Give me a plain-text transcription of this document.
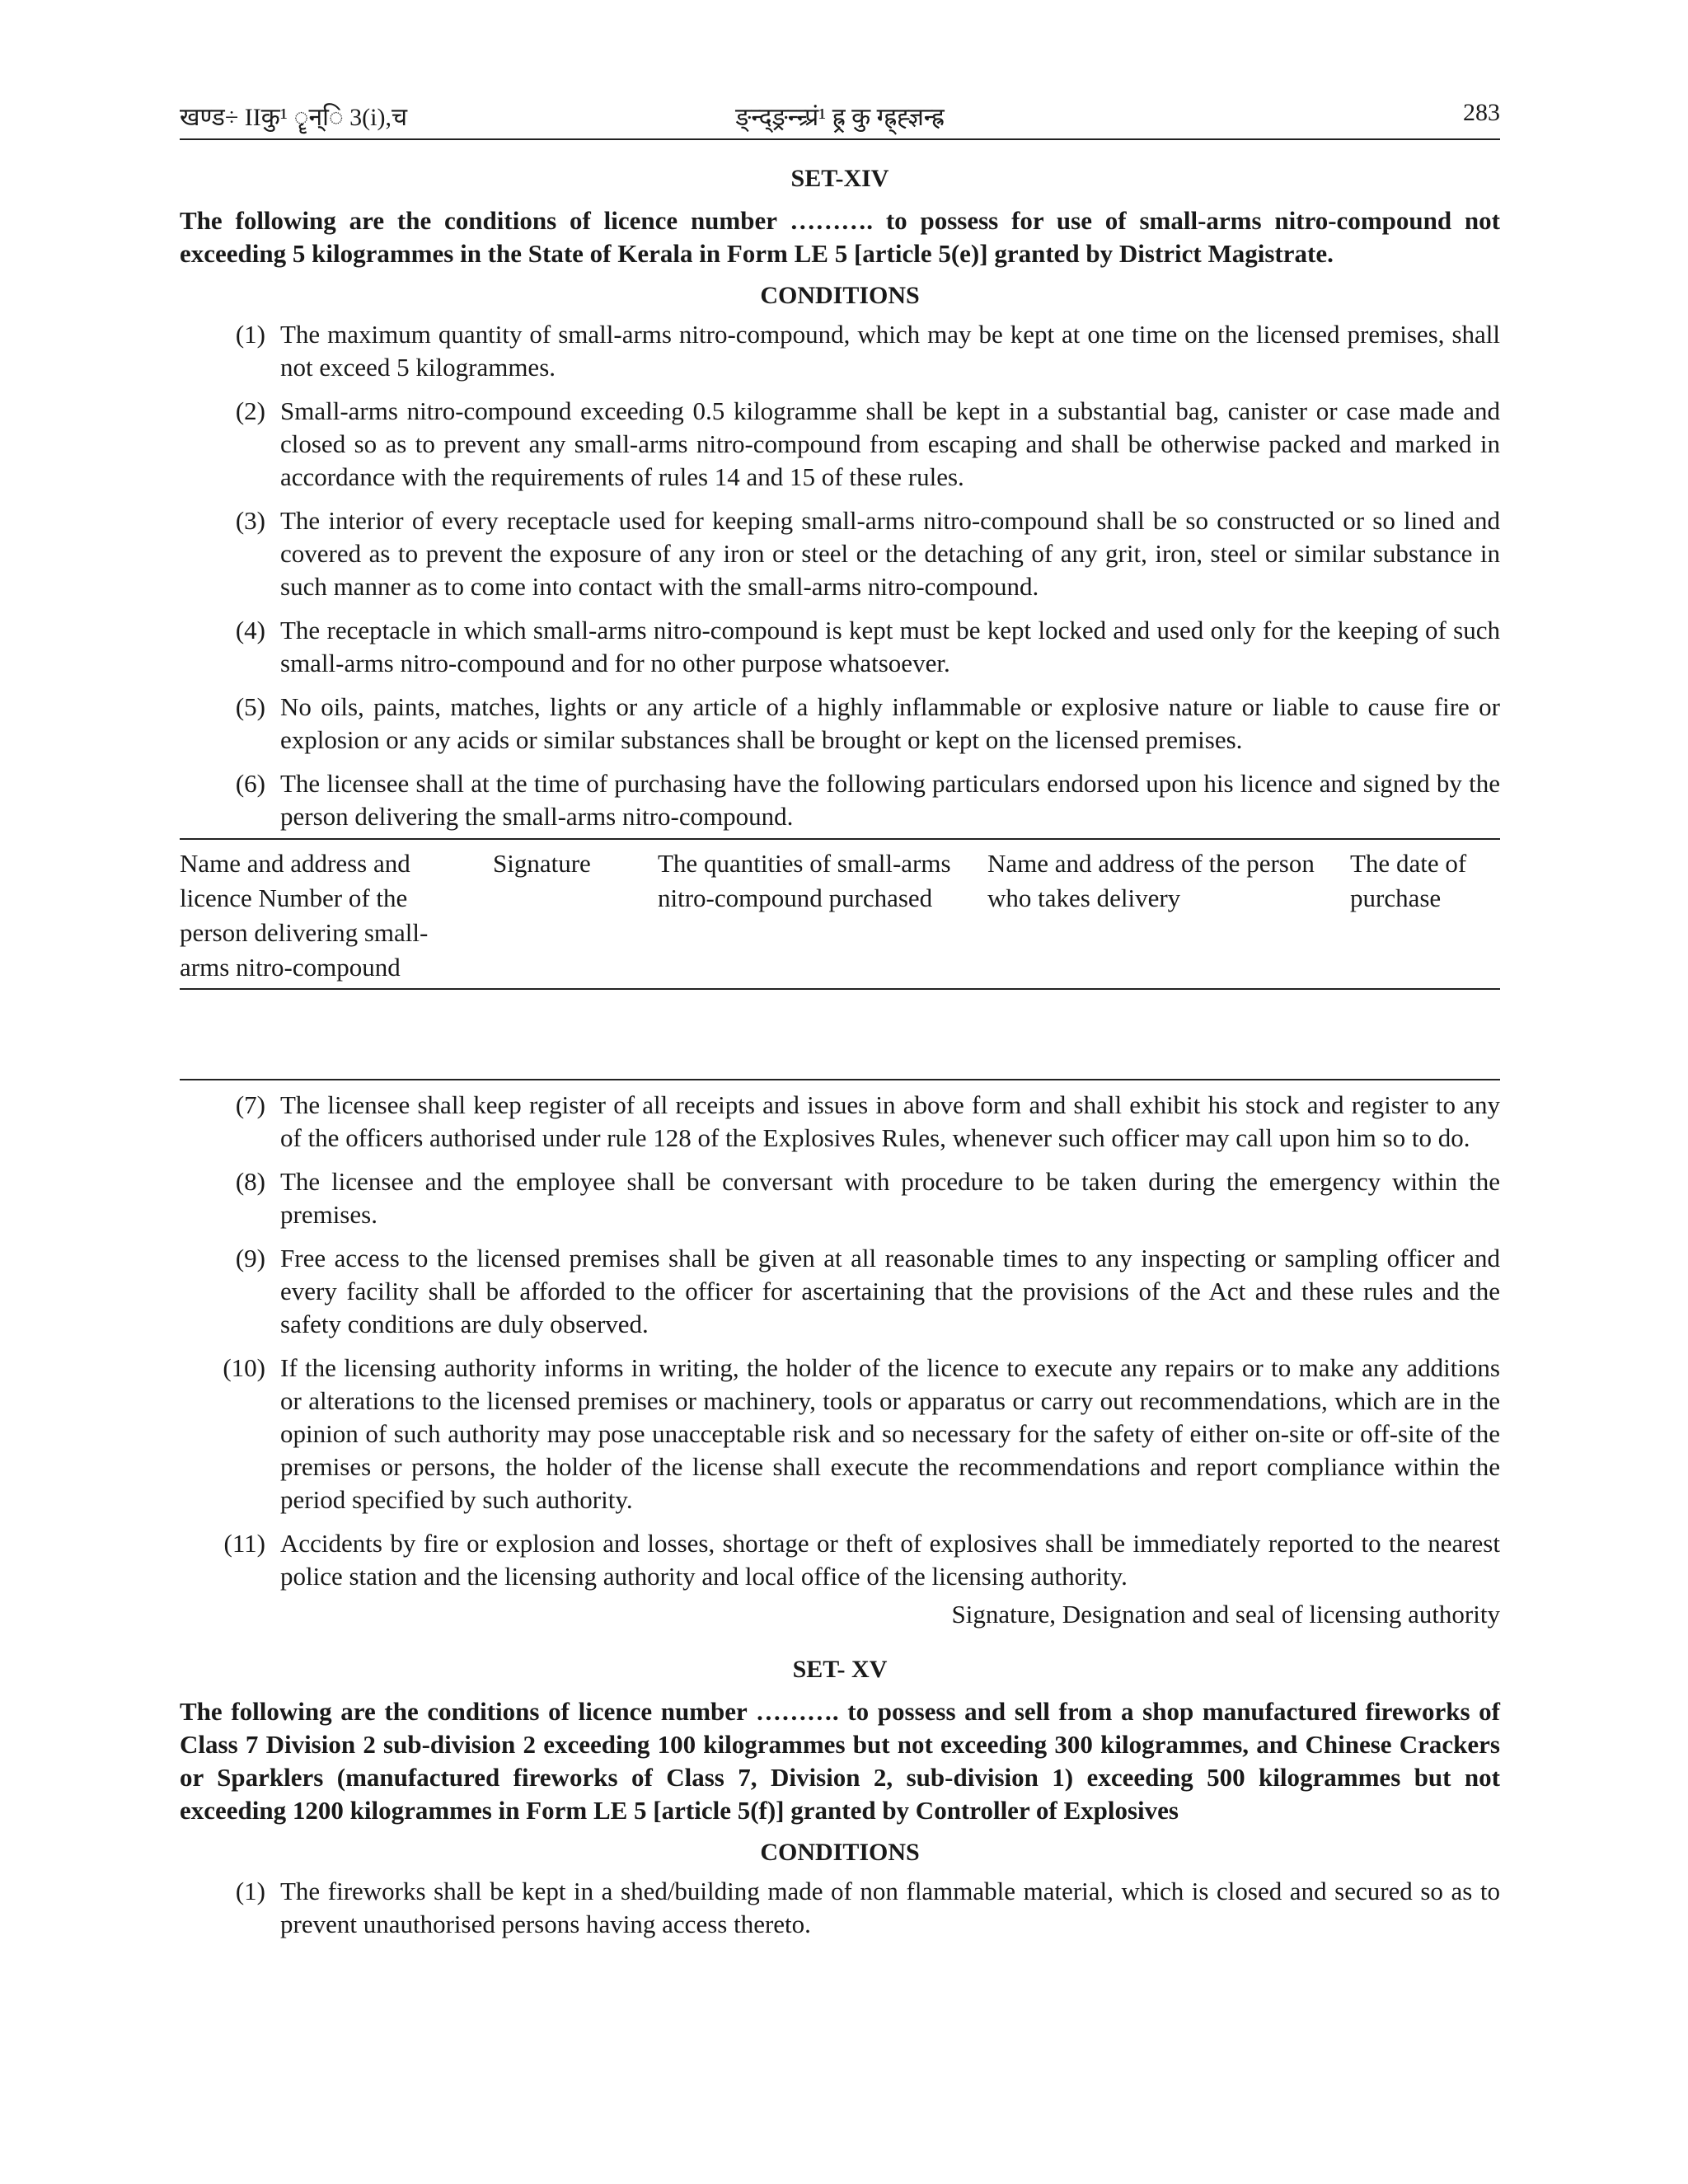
खण्ड÷ IIकु¹ ॄन्ि 3(i),च	ङ्न्द्ङ्रन्न्र्प्रं¹ ह्र्र कु ग्ह्र्ह्ज्ञन्ह्र	283
SET-XIV

The following are the conditions of licence number ………. to possess for use of small-arms nitro-compound not exceeding 5 kilogrammes in the State of Kerala in Form LE 5 [article 5(e)] granted by District Magistrate.

CONDITIONS
(1) The maximum quantity of small-arms nitro-compound, which may be kept at one time on the licensed premises, shall not exceed 5 kilogrammes.
(2) Small-arms nitro-compound exceeding 0.5 kilogramme shall be kept in a substantial bag, canister or case made and closed so as to prevent any small-arms nitro-compound from escaping and shall be otherwise packed and marked in accordance with the requirements of rules 14 and 15 of these rules.
(3) The interior of every receptacle used for keeping small-arms nitro-compound shall be so constructed or so lined and covered as to prevent the exposure of any iron or steel or the detaching of any grit, iron, steel or similar substance in such manner as to come into contact with the small-arms nitro-compound.
(4) The receptacle in which small-arms nitro-compound is kept must be kept locked and used only for the keeping of such small-arms nitro-compound and for no other purpose whatsoever.
(5) No oils, paints, matches, lights or any article of a highly inflammable or explosive nature or liable to cause fire or explosion or any acids or similar substances shall be brought or kept on the licensed premises.
(6) The licensee shall at the time of purchasing have the following particulars endorsed upon his licence and signed by the person delivering the small-arms nitro-compound.
Name and address and licence Number of the person delivering small-arms nitro-compound	Signature	The quantities of small-arms nitro-compound purchased	Name and address of the person who takes delivery	The date of purchase
(7) The licensee shall keep register of all receipts and issues in above form and shall exhibit his stock and register to any of the officers authorised under rule 128 of the Explosives Rules, whenever such officer may call upon him so to do.
(8) The licensee and the employee shall be conversant with procedure to be taken during the emergency within the premises.
(9) Free access to the licensed premises shall be given at all reasonable times to any inspecting or sampling officer and every facility shall be afforded to the officer for ascertaining that the provisions of the Act and these rules and the safety conditions are duly observed.
(10) If the licensing authority informs in writing, the holder of the licence to execute any repairs or to make any additions or alterations to the licensed premises or machinery, tools or apparatus or carry out recommendations, which are in the opinion of such authority may pose unacceptable risk and so necessary for the safety of either on-site or off-site of the premises or persons, the holder of the license shall execute the recommendations and report compliance within the period specified by such authority.
(11) Accidents by fire or explosion and losses, shortage or theft of explosives shall be immediately reported to the nearest police station and the licensing authority and local office of the licensing authority.

Signature, Designation and seal of licensing authority

SET- XV

The following are the conditions of licence number ………. to possess and sell from a shop manufactured fireworks of Class 7 Division 2 sub-division 2 exceeding 100 kilogrammes but not exceeding 300 kilogrammes, and Chinese Crackers or Sparklers (manufactured fireworks of Class 7, Division 2, sub-division 1) exceeding 500 kilogrammes but not exceeding 1200 kilogrammes in Form LE 5 [article 5(f)] granted by Controller of Explosives

CONDITIONS
(1) The fireworks shall be kept in a shed/building made of non flammable material, which is closed and secured so as to prevent unauthorised persons having access thereto.
